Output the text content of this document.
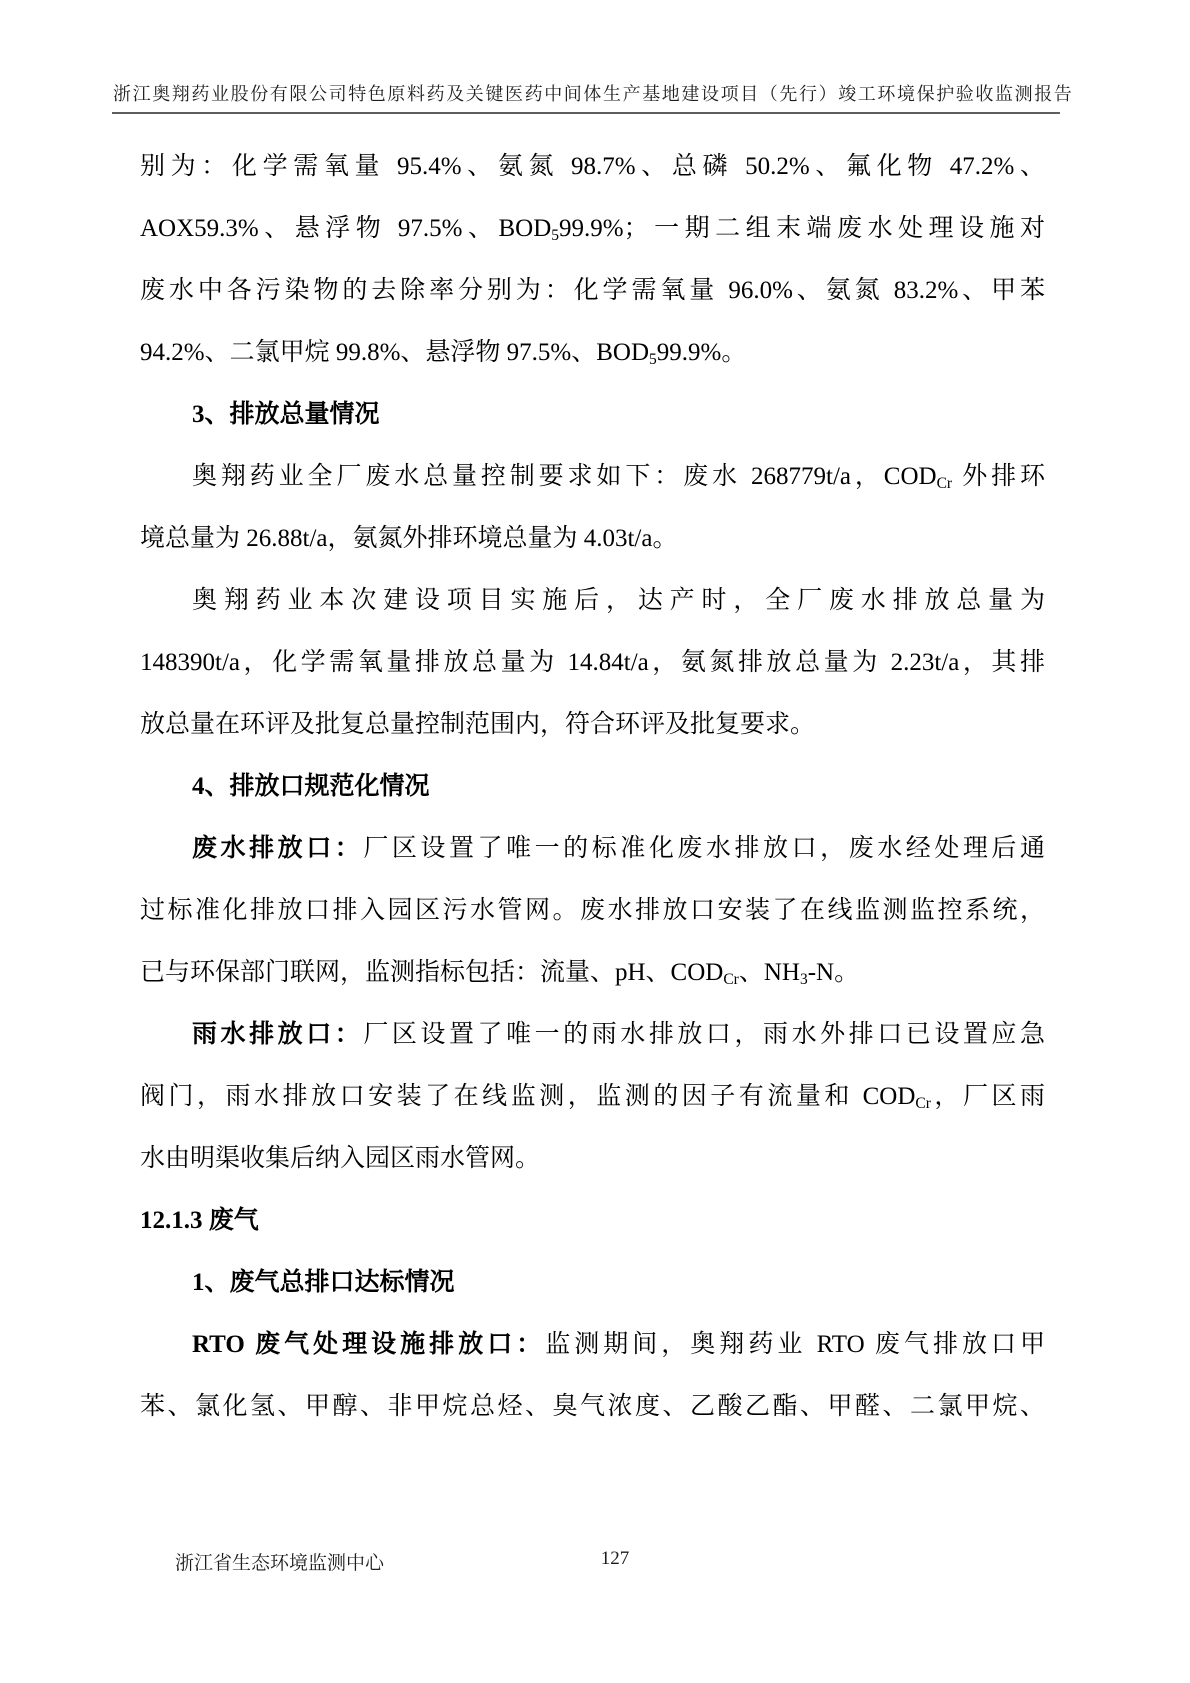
浙江奥翔药业股份有限公司特色原料药及关键医药中间体生产基地建设项目（先行）竣工环境保护验收监测报告
别为：化学需氧量 95.4%、氨氮 98.7%、总磷 50.2%、氟化物 47.2%、
AOX59.3%、悬浮物 97.5%、BOD599.9%；一期二组末端废水处理设施对
废水中各污染物的去除率分别为：化学需氧量 96.0%、氨氮 83.2%、甲苯
94.2%、二氯甲烷 99.8%、悬浮物 97.5%、BOD599.9%。
3、排放总量情况
奥翔药业全厂废水总量控制要求如下：废水 268779t/a，CODCr 外排环
境总量为 26.88t/a，氨氮外排环境总量为 4.03t/a。
奥翔药业本次建设项目实施后，达产时，全厂废水排放总量为
148390t/a，化学需氧量排放总量为 14.84t/a，氨氮排放总量为 2.23t/a，其排
放总量在环评及批复总量控制范围内，符合环评及批复要求。
4、排放口规范化情况
废水排放口：厂区设置了唯一的标准化废水排放口，废水经处理后通
过标准化排放口排入园区污水管网。废水排放口安装了在线监测监控系统，
已与环保部门联网，监测指标包括：流量、pH、CODCr、NH3-N。
雨水排放口：厂区设置了唯一的雨水排放口，雨水外排口已设置应急
阀门，雨水排放口安装了在线监测，监测的因子有流量和 CODCr，厂区雨
水由明渠收集后纳入园区雨水管网。
12.1.3 废气
1、废气总排口达标情况
RTO 废气处理设施排放口：监测期间，奥翔药业 RTO 废气排放口甲
苯、氯化氢、甲醇、非甲烷总烃、臭气浓度、乙酸乙酯、甲醛、二氯甲烷、
浙江省生态环境监测中心	127
